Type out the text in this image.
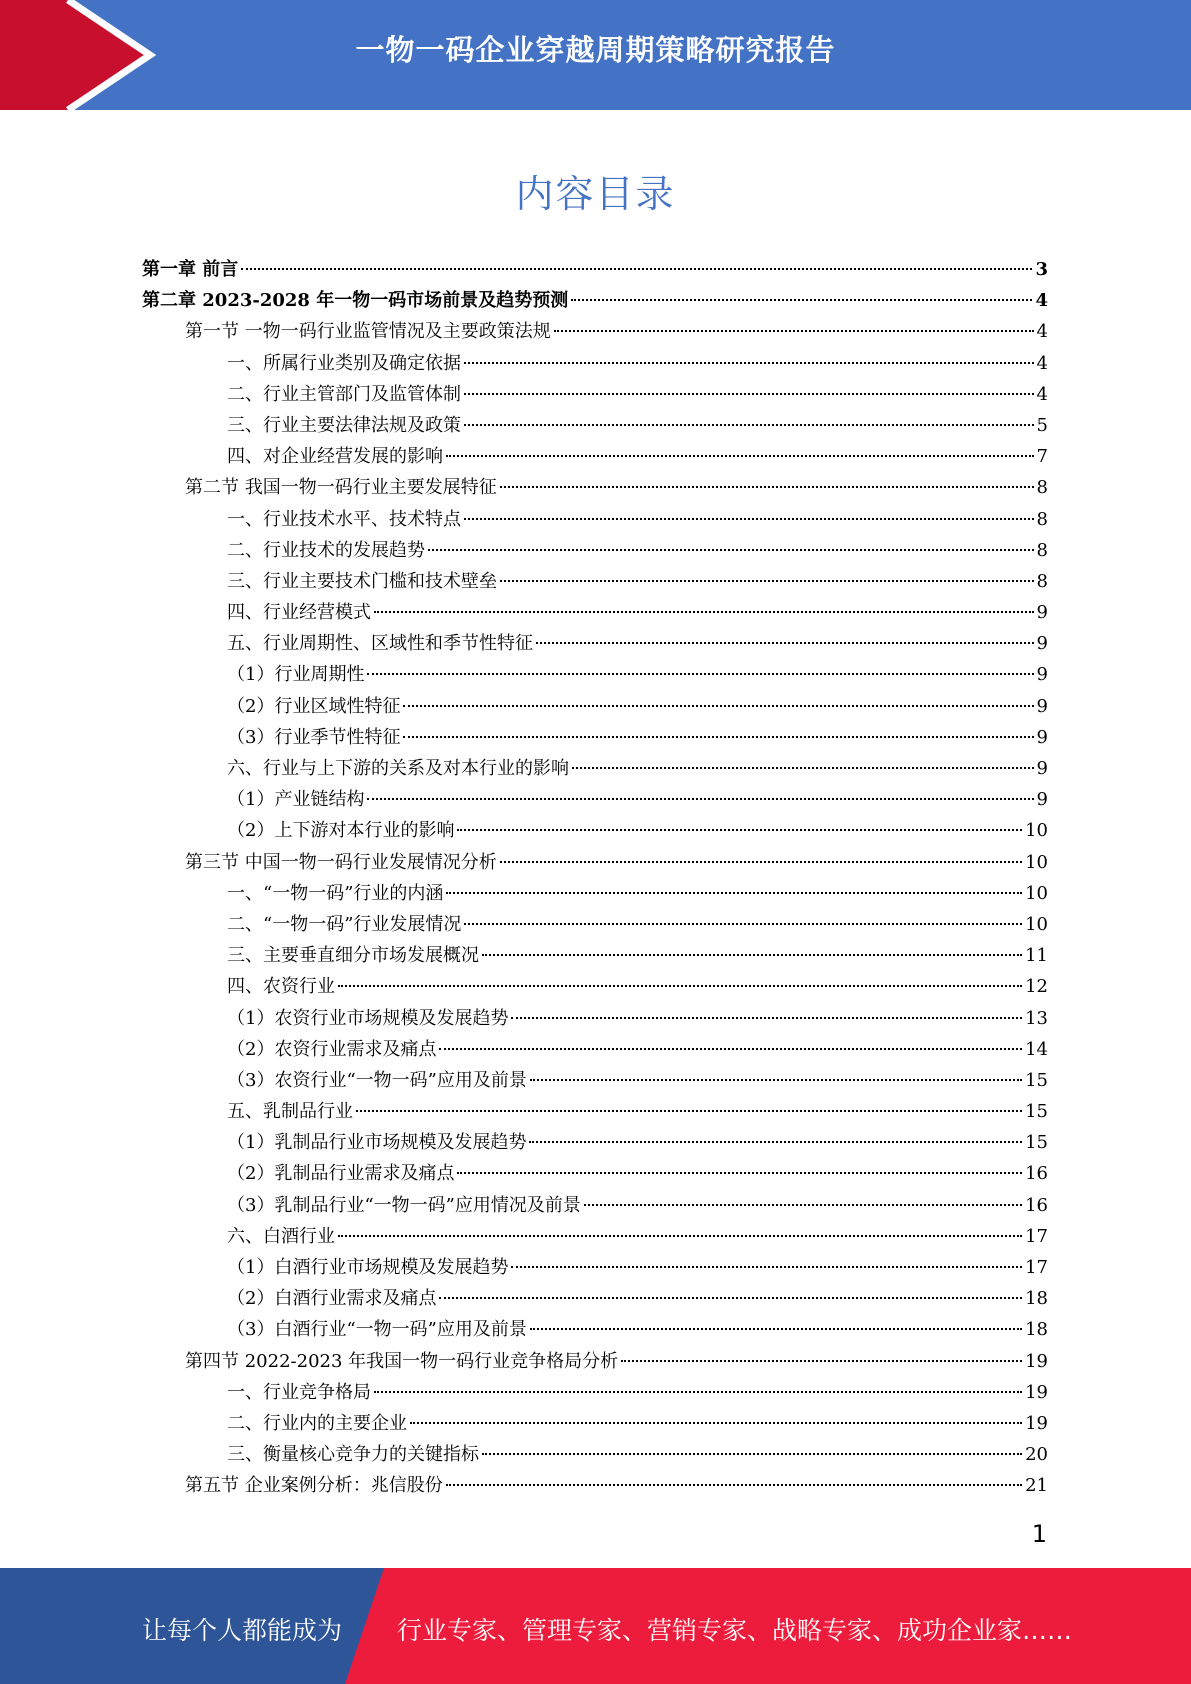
一物一码企业穿越周期策略研究报告
内容目录
第一章 前言	3
第二章 2023-2028 年一物一码市场前景及趋势预测	4
第一节 一物一码行业监管情况及主要政策法规	4
一、所属行业类别及确定依据	4
二、行业主管部门及监管体制	4
三、行业主要法律法规及政策	5
四、对企业经营发展的影响	7
第二节 我国一物一码行业主要发展特征	8
一、行业技术水平、技术特点	8
二、行业技术的发展趋势	8
三、行业主要技术门槛和技术壁垒	8
四、行业经营模式	9
五、行业周期性、区域性和季节性特征	9
（1）行业周期性	9
（2）行业区域性特征	9
（3）行业季节性特征	9
六、行业与上下游的关系及对本行业的影响	9
（1）产业链结构	9
（2）上下游对本行业的影响	10
第三节 中国一物一码行业发展情况分析	10
一、“一物一码”行业的内涵	10
二、“一物一码”行业发展情况	10
三、主要垂直细分市场发展概况	11
四、农资行业	12
（1）农资行业市场规模及发展趋势	13
（2）农资行业需求及痛点	14
（3）农资行业“一物一码”应用及前景	15
五、乳制品行业	15
（1）乳制品行业市场规模及发展趋势	15
（2）乳制品行业需求及痛点	16
（3）乳制品行业“一物一码”应用情况及前景	16
六、白酒行业	17
（1）白酒行业市场规模及发展趋势	17
（2）白酒行业需求及痛点	18
（3）白酒行业“一物一码”应用及前景	18
第四节 2022-2023 年我国一物一码行业竞争格局分析	19
一、行业竞争格局	19
二、行业内的主要企业	19
三、衡量核心竞争力的关键指标	20
第五节 企业案例分析：兆信股份	21
1
让每个人都能成为 行业专家、管理专家、营销专家、战略专家、成功企业家……
